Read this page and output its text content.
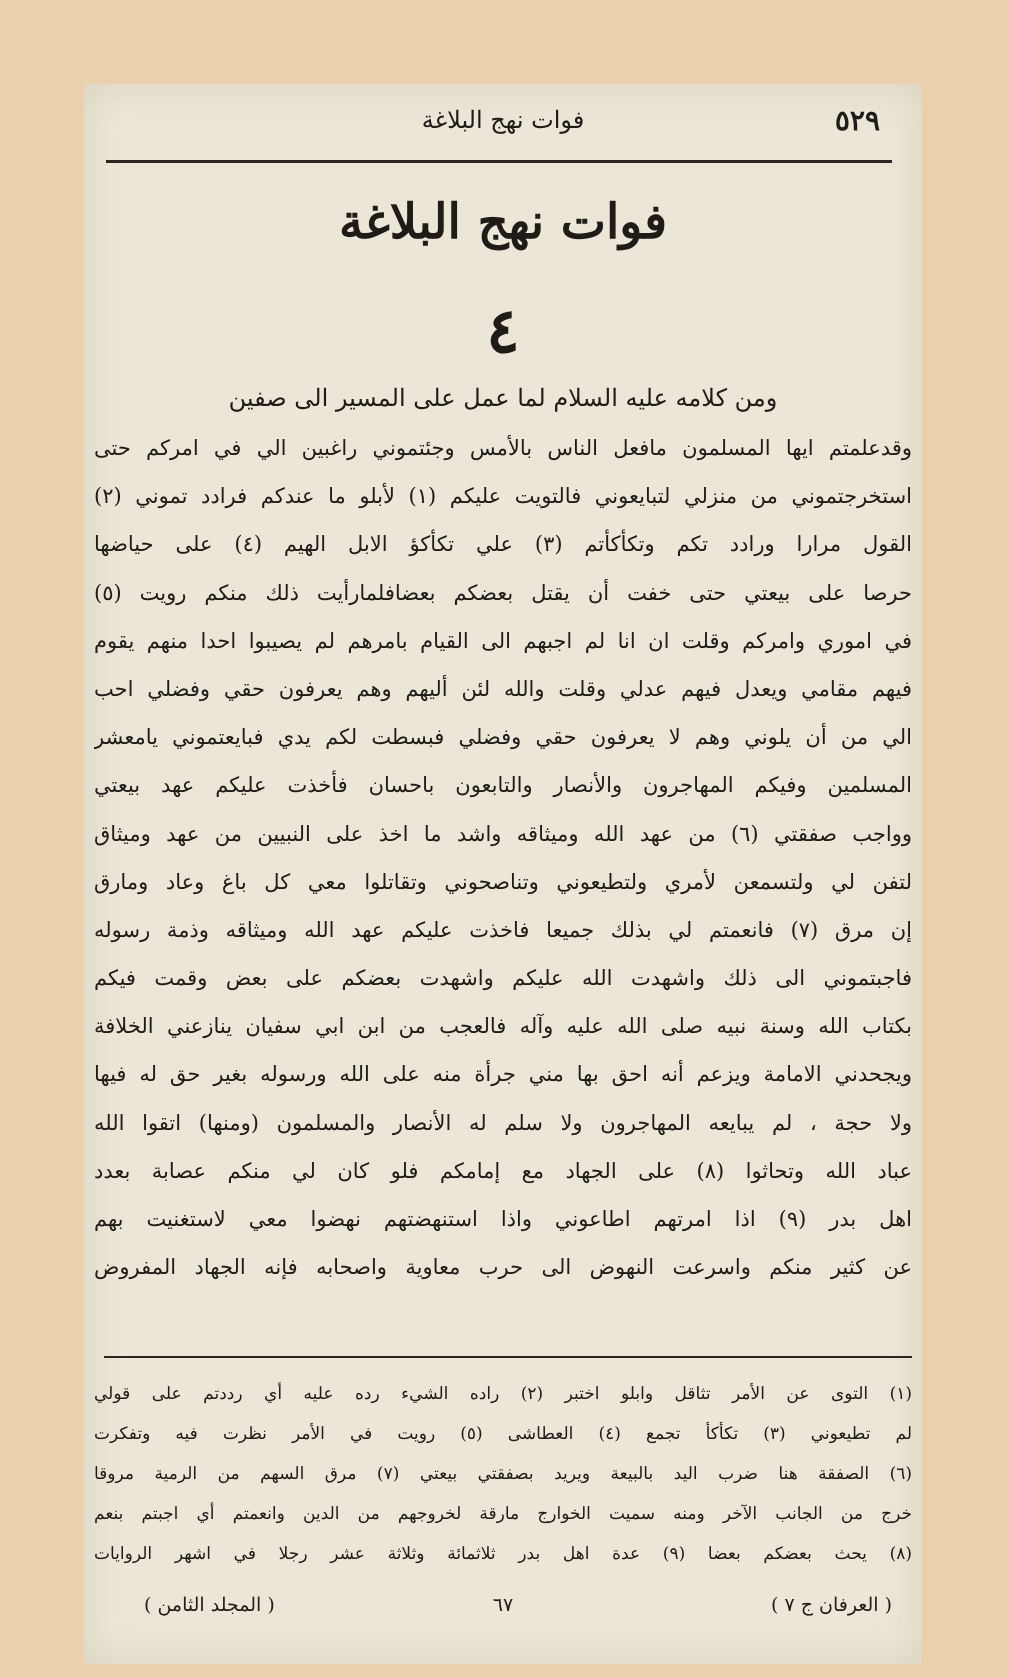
فوات نهج البلاغة	٥٢٩
فوات نهج البلاغة
٤
ومن كلامه عليه السلام لما عمل على المسير الى صفين
وقدعلمتم ايها المسلمون مافعل الناس بالأمس وجئتموني راغبين الي في امركم حتى
استخرجتموني من منزلي لتبايعوني فالتويت عليكم (١) لأبلو ما عندكم فرادد تموني (٢)
القول مرارا ورادد تكم وتكأكأتم (٣) علي تكأكؤ الابل الهيم (٤) على حياضها
حرصا على بيعتي حتى خفت أن يقتل بعضكم بعضافلمارأيت ذلك منكم رويت (٥)
في اموري وامركم وقلت ان انا لم اجبهم الى القيام بامرهم لم يصيبوا احدا منهم يقوم
فيهم مقامي ويعدل فيهم عدلي وقلت والله لئن أليهم وهم يعرفون حقي وفضلي احب
الي من أن يلوني وهم لا يعرفون حقي وفضلي فبسطت لكم يدي فبايعتموني يامعشر
المسلمين وفيكم المهاجرون والأنصار والتابعون باحسان فأخذت عليكم عهد بيعتي
وواجب صفقتي (٦) من عهد الله وميثاقه واشد ما اخذ على النبيين من عهد وميثاق
لتفن لي ولتسمعن لأمري ولتطيعوني وتناصحوني وتقاتلوا معي كل باغ وعاد ومارق
إن مرق (٧) فانعمتم لي بذلك جميعا فاخذت عليكم عهد الله وميثاقه وذمة رسوله
فاجبتموني الى ذلك واشهدت الله عليكم واشهدت بعضكم على بعض وقمت فيكم
بكتاب الله وسنة نبيه صلى الله عليه وآله فالعجب من ابن ابي سفيان ينازعني الخلافة
ويجحدني الامامة ويزعم أنه احق بها مني جرأة منه على الله ورسوله بغير حق له فيها
ولا حجة ، لم يبايعه المهاجرون ولا سلم له الأنصار والمسلمون (ومنها) اتقوا الله
عباد الله وتحاثوا (٨) على الجهاد مع إمامكم فلو كان لي منكم عصابة بعدد
اهل بدر (٩) اذا امرتهم اطاعوني واذا استنهضتهم نهضوا معي لاستغنيت بهم
عن كثير منكم واسرعت النهوض الى حرب معاوية واصحابه فإنه الجهاد المفروض
(١) التوى عن الأمر تثاقل وابلو اختبر (٢) راده الشيء رده عليه أي رددتم على قولي
لم تطيعوني (٣) تكأكأ تجمع (٤) العطاشى (٥) رويت في الأمر نظرت فيه وتفكرت
(٦) الصفقة هنا ضرب اليد بالبيعة ويريد بصفقتي بيعتي (٧) مرق السهم من الرمية مروقا
خرج من الجانب الآخر ومنه سميت الخوارج مارقة لخروجهم من الدين وانعمتم أي اجبتم بنعم
(٨) يحث بعضكم بعضا (٩) عدة اهل بدر ثلاثمائة وثلاثة عشر رجلا في اشهر الروايات
( العرفان ج ٧ )
٦٧
( المجلد الثامن )
